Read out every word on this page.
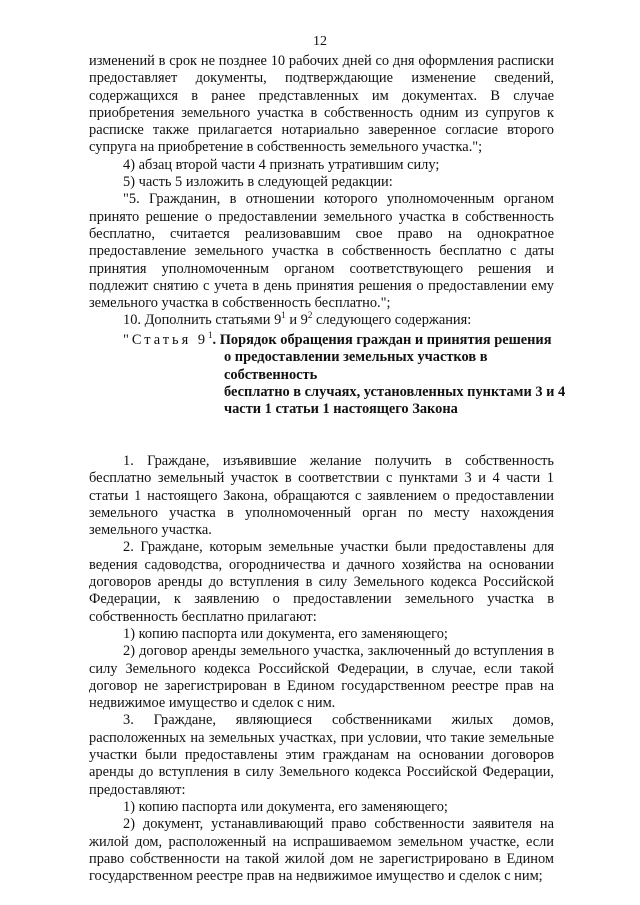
12

изменений в срок не позднее 10 рабочих дней со дня оформления расписки предоставляет документы, подтверждающие изменение сведений, содержащихся в ранее представленных им документах. В случае приобретения земельного участка в собственность одним из супругов к расписке также прилагается нотариально заверенное согласие второго супруга на приобретение в собственность земельного участка.";

4) абзац второй части 4 признать утратившим силу;

5) часть 5 изложить в следующей редакции:

"5. Гражданин, в отношении которого уполномоченным органом принято решение о предоставлении земельного участка в собственность бесплатно, считается реализовавшим свое право на однократное предоставление земельного участка в собственность бесплатно с даты принятия уполномоченным органом соответствующего решения и подлежит снятию с учета в день принятия решения о предоставлении ему земельного участка в собственность бесплатно.";

10. Дополнить статьями $9^1$ и $9^2$ следующего содержания:

"Статья $9^1$. Порядок обращения граждан и принятия решения
о предоставлении земельных участков в собственность
бесплатно в случаях, установленных пунктами 3 и 4
части 1 статьи 1 настоящего Закона

1. Граждане, изъявившие желание получить в собственность бесплатно земельный участок в соответствии с пунктами 3 и 4 части 1 статьи 1 настоящего Закона, обращаются с заявлением о предоставлении земельного участка в уполномоченный орган по месту нахождения земельного участка.

2. Граждане, которым земельные участки были предоставлены для ведения садоводства, огородничества и дачного хозяйства на основании договоров аренды до вступления в силу Земельного кодекса Российской Федерации, к заявлению о предоставлении земельного участка в собственность бесплатно прилагают:

1) копию паспорта или документа, его заменяющего;

2) договор аренды земельного участка, заключенный до вступления в силу Земельного кодекса Российской Федерации, в случае, если такой договор не зарегистрирован в Едином государственном реестре прав на недвижимое имущество и сделок с ним.

3. Граждане, являющиеся собственниками жилых домов, расположенных на земельных участках, при условии, что такие земельные участки были предоставлены этим гражданам на основании договоров аренды до вступления в силу Земельного кодекса Российской Федерации, предоставляют:

1) копию паспорта или документа, его заменяющего;

2) документ, устанавливающий право собственности заявителя на жилой дом, расположенный на испрашиваемом земельном участке, если право собственности на такой жилой дом не зарегистрировано в Едином государственном реестре прав на недвижимое имущество и сделок с ним;
